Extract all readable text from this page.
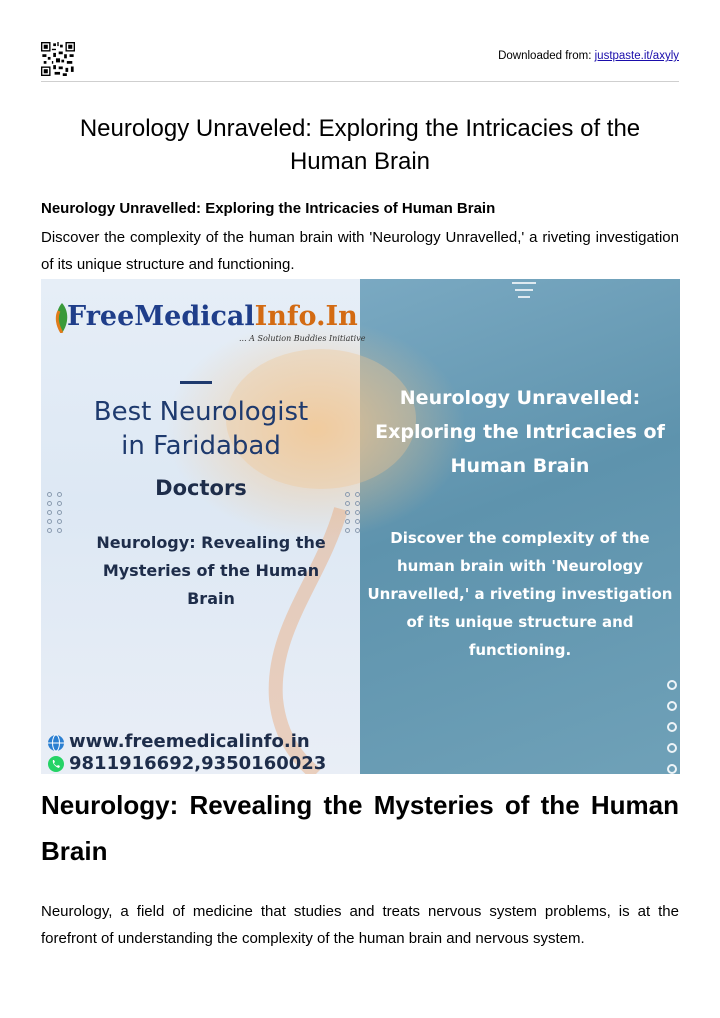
Downloaded from: justpaste.it/axyly
Neurology Unraveled: Exploring the Intricacies of the Human Brain
Neurology Unravelled: Exploring the Intricacies of Human Brain

Discover the complexity of the human brain with 'Neurology Unravelled,' a riveting investigation of its unique structure and functioning.

FreeMedicalInfo.In
... A Solution Buddies Initiative
Best Neurologist
in Faridabad
Doctors
Neurology: Revealing the Mysteries of the Human Brain
Neurology Unravelled: Exploring the Intricacies of Human Brain
Discover the complexity of the human brain with 'Neurology Unravelled,' a riveting investigation of its unique structure and functioning.
www.freemedicalinfo.in
9811916692,9350160023
Neurology: Revealing the Mysteries of the Human Brain

Neurology, a field of medicine that studies and treats nervous system problems, is at the forefront of understanding the complexity of the human brain and nervous system.
